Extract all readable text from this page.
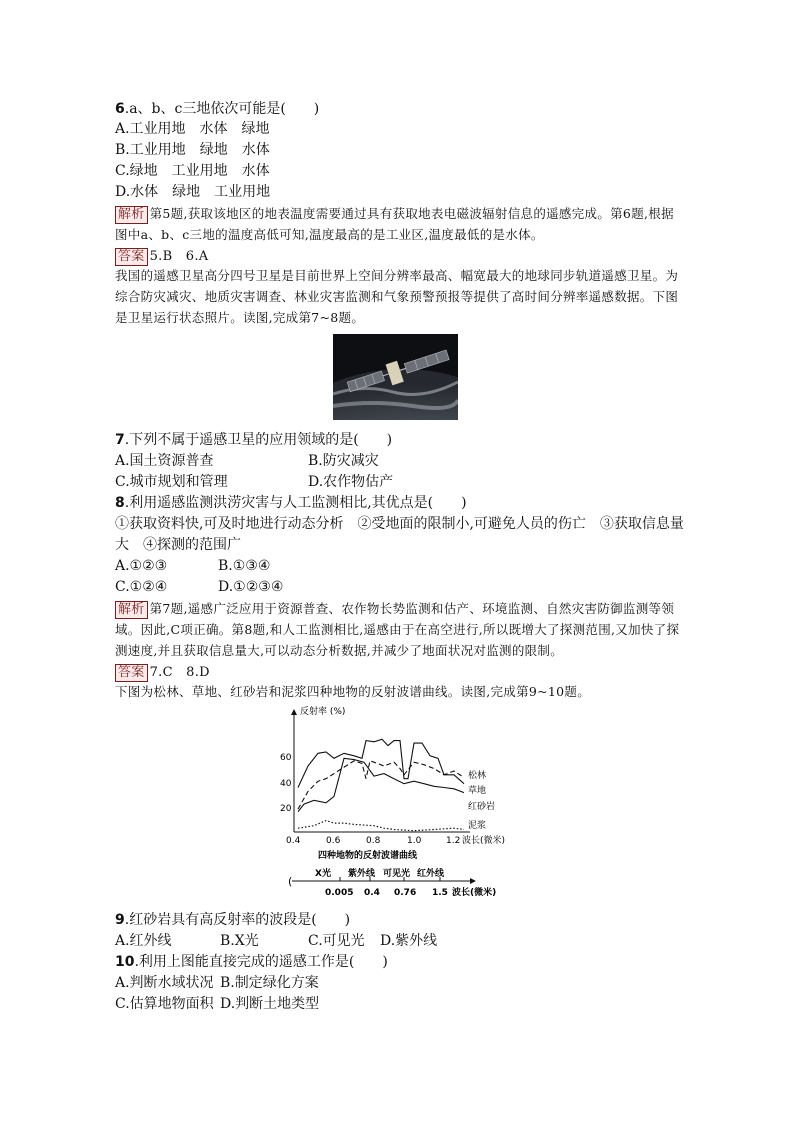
6.a、b、c三地依次可能是(　　)
A.工业用地　水体　绿地
B.工业用地　绿地　水体
C.绿地　工业用地　水体
D.水体　绿地　工业用地
解析 第5题,获取该地区的地表温度需要通过具有获取地表电磁波辐射信息的遥感完成。第6题,根据图中a、b、c三地的温度高低可知,温度最高的是工业区,温度最低的是水体。
答案 5.B　6.A
我国的遥感卫星高分四号卫星是目前世界上空间分辨率最高、幅宽最大的地球同步轨道遥感卫星。为综合防灾减灾、地质灾害调查、林业灾害监测和气象预警预报等提供了高时间分辨率遥感数据。下图是卫星运行状态照片。读图,完成第7~8题。
7.下列不属于遥感卫星的应用领域的是(　　)
A.国土资源普查	B.防灾减灾
C.城市规划和管理	D.农作物估产
8.利用遥感监测洪涝灾害与人工监测相比,其优点是(　　)
①获取资料快,可及时地进行动态分析　②受地面的限制小,可避免人员的伤亡　③获取信息量
大　④探测的范围广
A.①②③	B.①③④
C.①②④	D.①②③④
解析 第7题,遥感广泛应用于资源普查、农作物长势监测和估产、环境监测、自然灾害防御监测等领域。因此,C项正确。第8题,和人工监测相比,遥感由于在高空进行,所以既增大了探测范围,又加快了探测速度,并且获取信息量大,可以动态分析数据,并减少了地面状况对监测的限制。
答案 7.C　8.D
下图为松林、草地、红砂岩和泥浆四种地物的反射波谱曲线。读图,完成第9~10题。
反射率 (%)
20
40
60
0.4	0.6	0.8	1.0	1.2 波长(微米)
四种地物的反射波谱曲线
松林
草地
红砂岩
泥浆
X光 紫外线 可见光 红外线
(
0.005 0.4 0.76 1.5 波长(微米)
9.红砂岩具有高反射率的波段是(　　)
A.红外线	B.X光	C.可见光 D.紫外线
10.利用上图能直接完成的遥感工作是(　　)
A.判断水域状况 B.制定绿化方案
C.估算地物面积 D.判断土地类型
